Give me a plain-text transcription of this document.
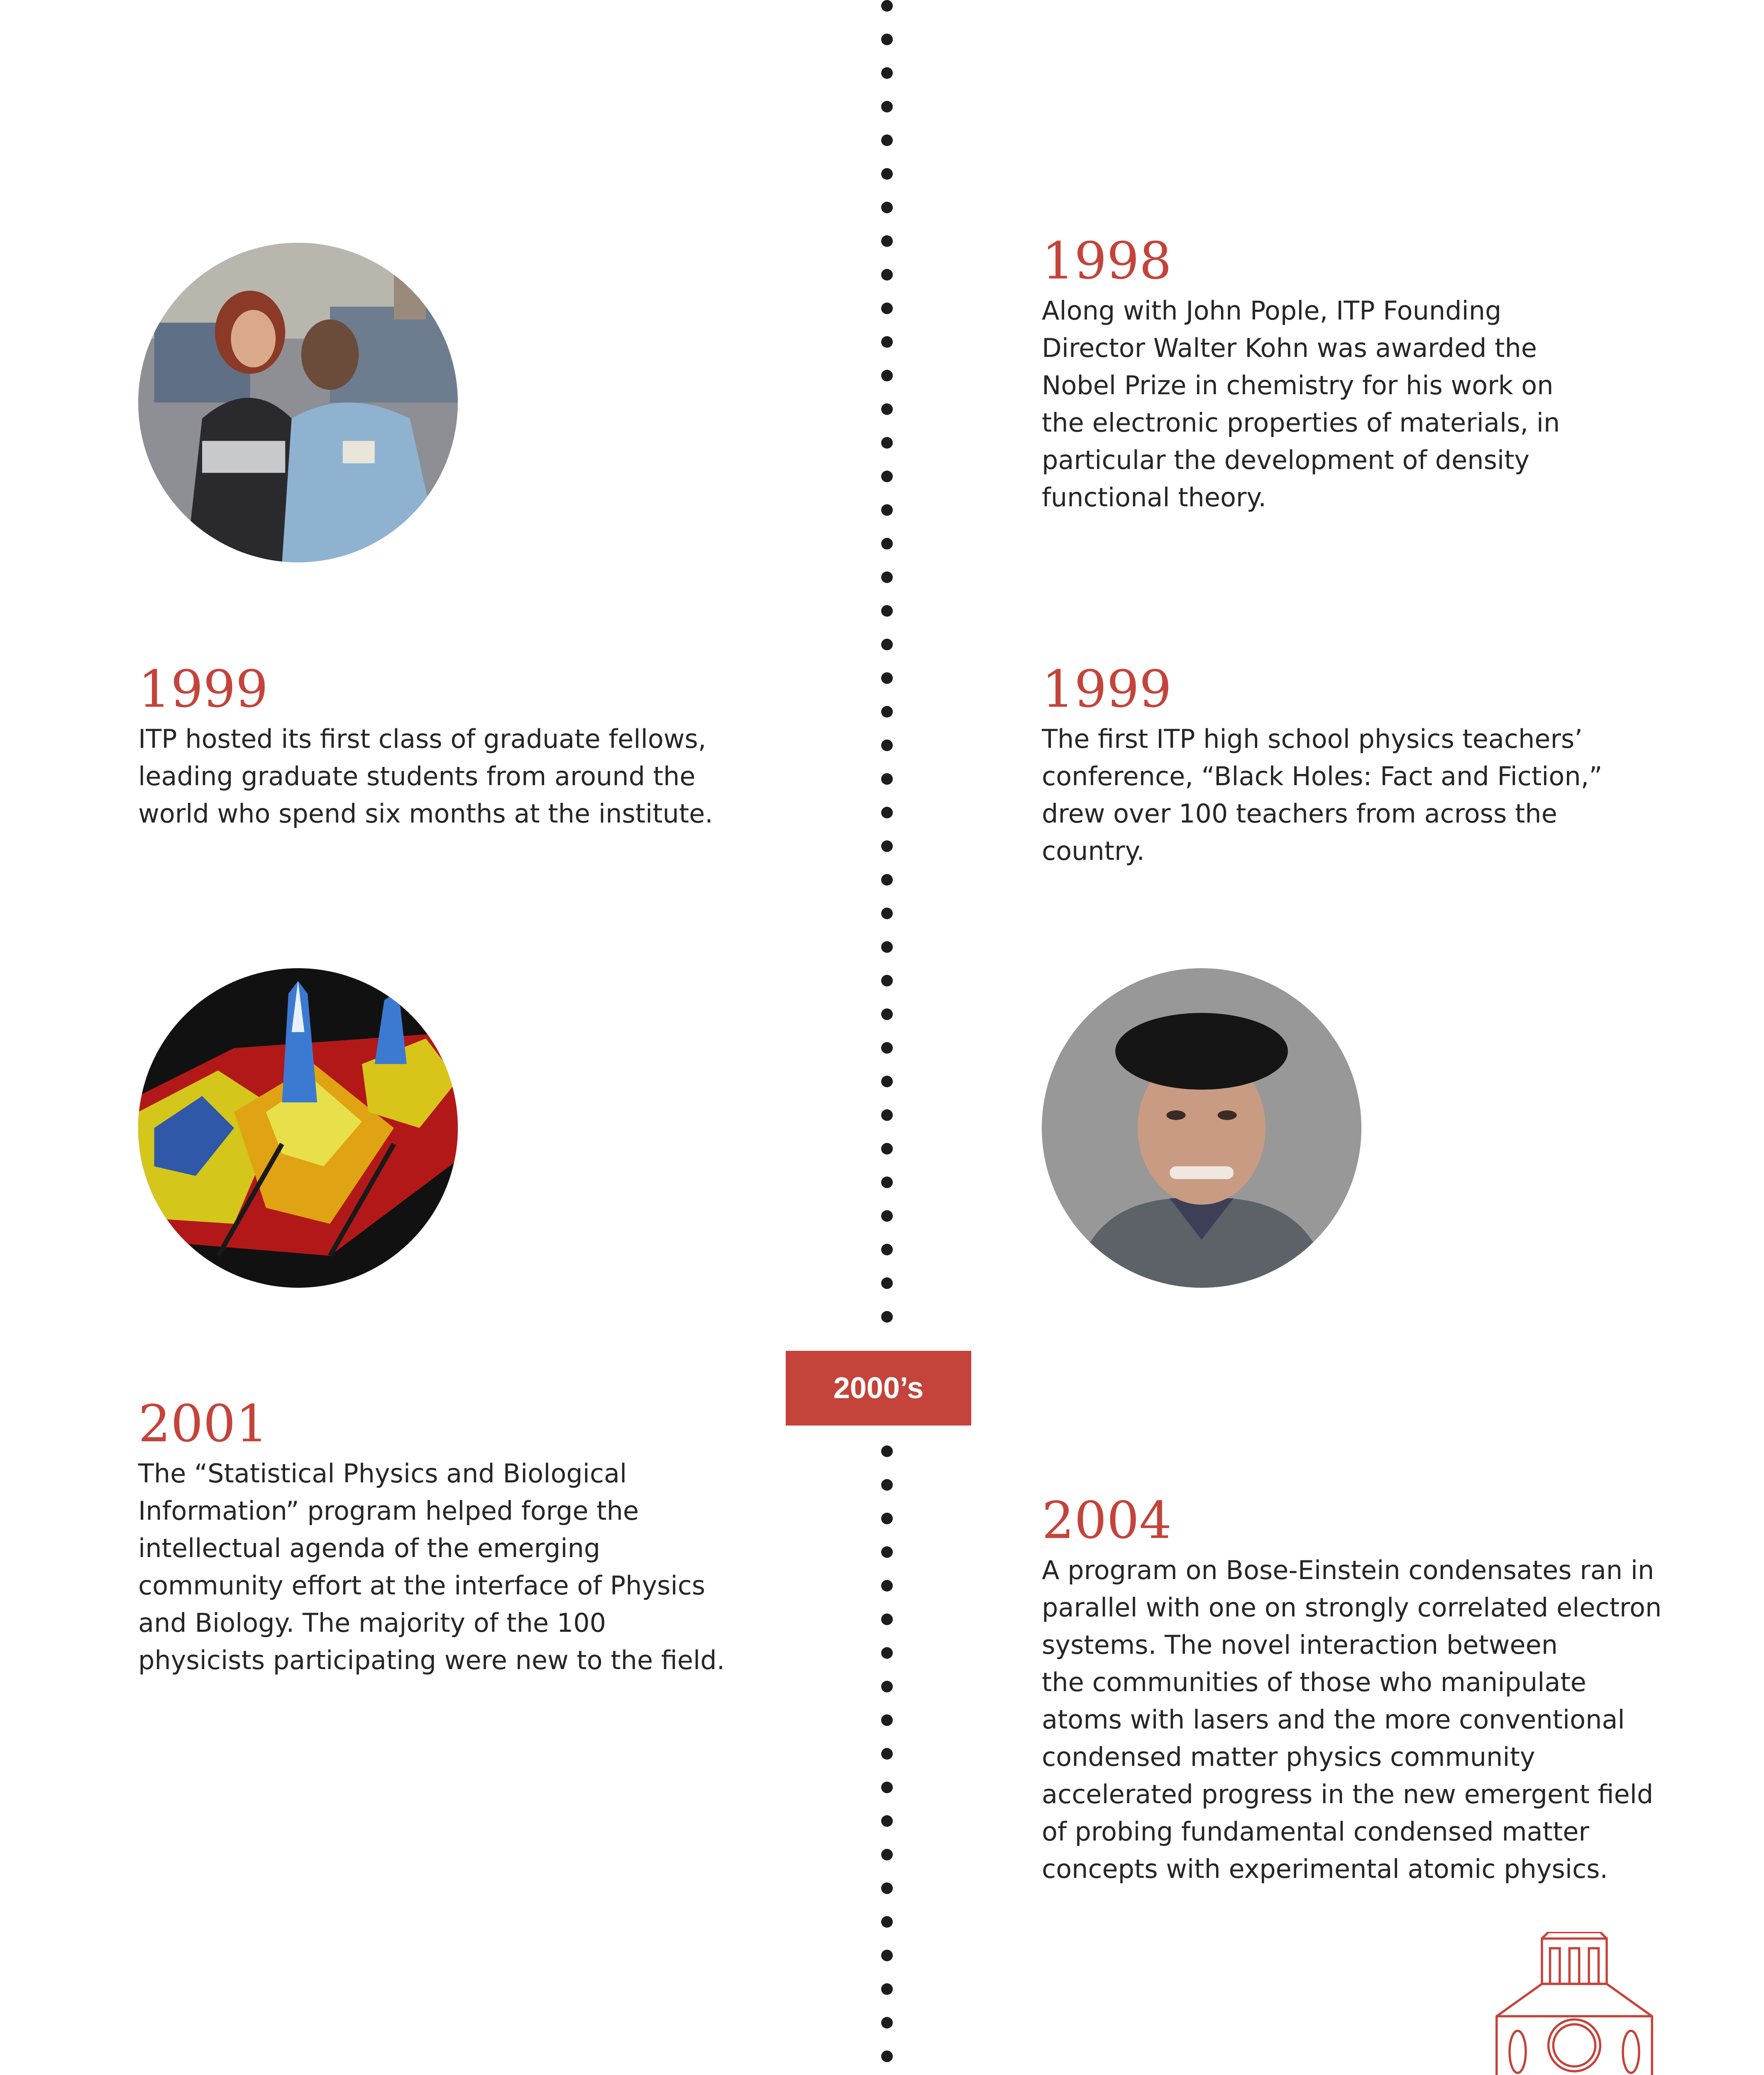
2000’s
1998
Along with John Pople, ITP Founding
Director Walter Kohn was awarded the
Nobel Prize in chemistry for his work on
the electronic properties of materials, in
particular the development of density
functional theory.
1999
ITP hosted its first class of graduate fellows,
leading graduate students from around the
world who spend six months at the institute.
1999
The first ITP high school physics teachers’
conference, “Black Holes: Fact and Fiction,”
drew over 100 teachers from across the
country.
2001
The “Statistical Physics and Biological
Information” program helped forge the
intellectual agenda of the emerging
community effort at the interface of Physics
and Biology. The majority of the 100
physicists participating were new to the field.
2004
A program on Bose-Einstein condensates ran in
parallel with one on strongly correlated electron
systems. The novel interaction between
the communities of those who manipulate
atoms with lasers and the more conventional
condensed matter physics community
accelerated progress in the new emergent field
of probing fundamental condensed matter
concepts with experimental atomic physics.
